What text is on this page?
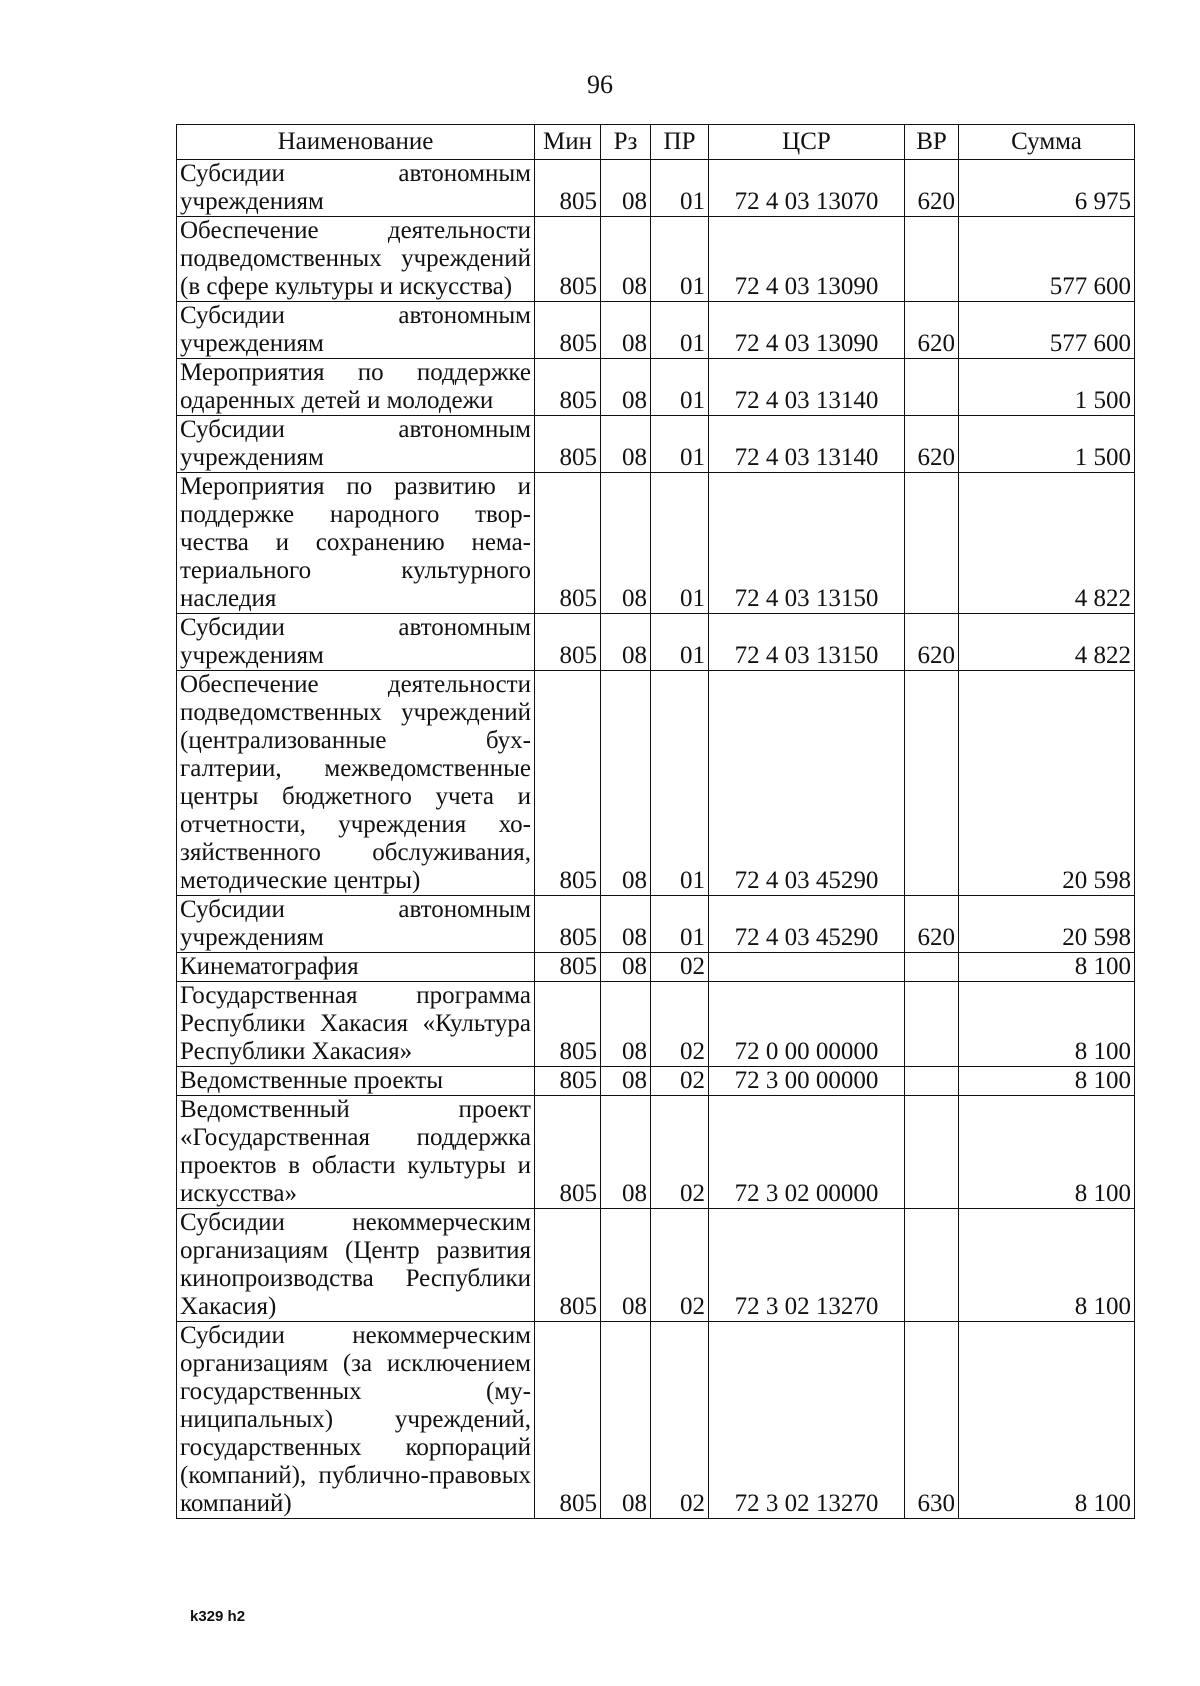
96
Наименование	Мин	Рз	ПР	ЦСР	ВР	Сумма
Субсидии автономным учреждениям	805	08	01	72 4 03 13070	620	6 975
Обеспечение деятельности подведомственных учреждений (в сфере культуры и искусства)	805	08	01	72 4 03 13090		577 600
Субсидии автономным учреждениям	805	08	01	72 4 03 13090	620	577 600
Мероприятия по поддержке одаренных детей и молодежи	805	08	01	72 4 03 13140		1 500
Субсидии автономным учреждениям	805	08	01	72 4 03 13140	620	1 500
Мероприятия по развитию и поддержке народного творчества и сохранению нематериального культурного наследия	805	08	01	72 4 03 13150		4 822
Субсидии автономным учреждениям	805	08	01	72 4 03 13150	620	4 822
Обеспечение деятельности подведомственных учреждений (централизованные бухгалтерии, межведомственные центры бюджетного учета и отчетности, учреждения хозяйственного обслуживания, методические центры)	805	08	01	72 4 03 45290		20 598
Субсидии автономным учреждениям	805	08	01	72 4 03 45290	620	20 598
Кинематография	805	08	02			8 100
Государственная программа Республики Хакасия «Культура Республики Хакасия»	805	08	02	72 0 00 00000		8 100
Ведомственные проекты	805	08	02	72 3 00 00000		8 100
Ведомственный проект «Государственная поддержка проектов в области культуры и искусства»	805	08	02	72 3 02 00000		8 100
Субсидии некоммерческим организациям (Центр развития кинопроизводства Республики Хакасия)	805	08	02	72 3 02 13270		8 100
Субсидии некоммерческим организациям (за исключением государственных (муниципальных) учреждений, государственных корпораций (компаний), публично-правовых компаний)	805	08	02	72 3 02 13270	630	8 100
k329 h2
